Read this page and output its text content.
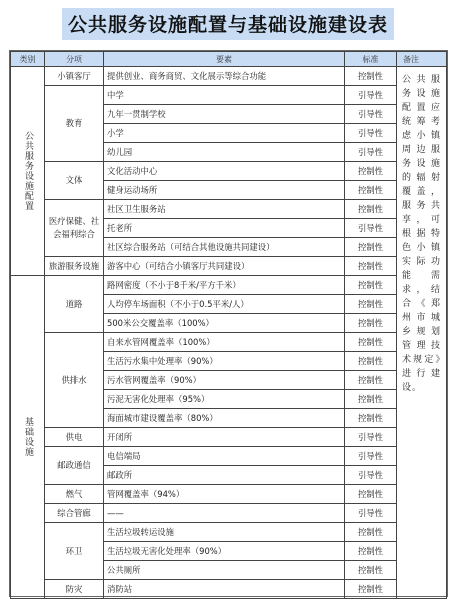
公共服务设施配置与基础设施建设表
类别	分项	要素	标准	备注

公共服务设施配置	小镇客厅	提供创业、商务商贸、文化展示等综合功能	控制性	公共服务设施配置应统筹考虑小镇周边服务设施的辐射覆盖，服务共享，可根据特色小镇实际功能需求，结合《郑州市城乡规划管理技术规定》进行建设。
	教育	中学	引导性	
		九年一贯制学校	引导性	
		小学	引导性	
		幼儿园	引导性	
	文体	文化活动中心	控制性	
		健身运动场所	控制性	
	医疗保健、社会福利综合	社区卫生服务站	控制性	
		托老所	引导性	
		社区综合服务站（可结合其他设施共同建设）	控制性	
	旅游服务设施	游客中心（可结合小镇客厅共同建设）	控制性	

基础设施	道路	路网密度（不小于8千米/平方千米）	控制性	
		人均停车场面积（不小于0.5平米/人）	控制性	
		500米公交覆盖率（100%）	控制性	
	供排水	自来水管网覆盖率（100%）	控制性	
		生活污水集中处理率（90%）	控制性	
		污水管网覆盖率（90%）	控制性	
		污泥无害化处理率（95%）	控制性	
		海面城市建设覆盖率（80%）	控制性	
	供电	开闭所	引导性	
	邮政通信	电信端局	引导性	
		邮政所	引导性	
	燃气	管网覆盖率（94%）	控制性	
	综合管廊	——	引导性	
	环卫	生活垃圾转运设施	控制性	
		生活垃圾无害化处理率（90%）	控制性	
		公共厕所	控制性	
	防灾	消防站	控制性	
